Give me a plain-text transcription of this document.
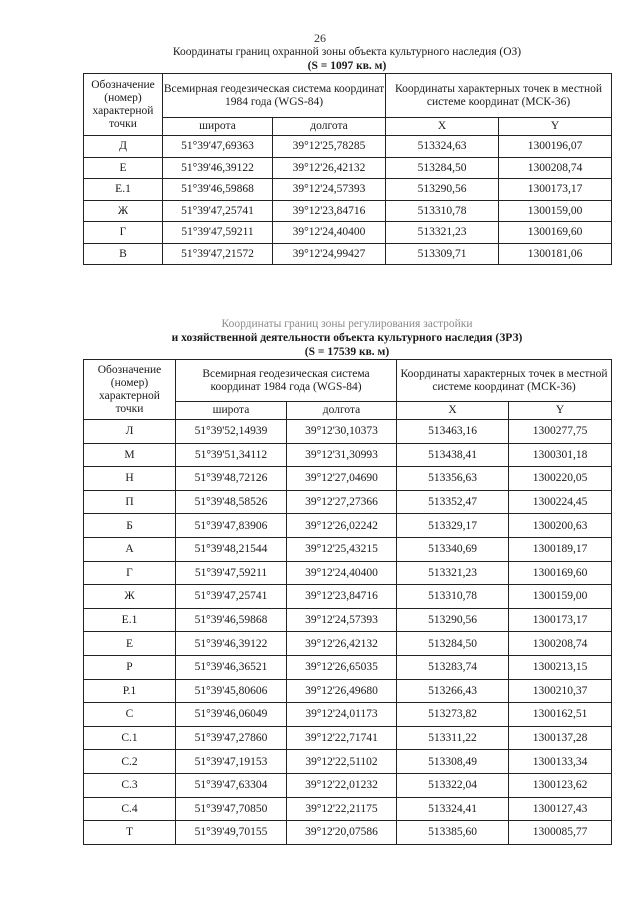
26
Координаты границ охранной зоны объекта культурного наследия (ОЗ)
(S = 1097 кв. м)
Обозначение (номер) характерной точки	Всемирная геодезическая система координат 1984 года (WGS-84)		Координаты характерных точек в местной системе координат (МСК-36)	
	широта	долгота	X	Y
Д	51°39'47,69363	39°12'25,78285	513324,63	1300196,07
Е	51°39'46,39122	39°12'26,42132	513284,50	1300208,74
Е.1	51°39'46,59868	39°12'24,57393	513290,56	1300173,17
Ж	51°39'47,25741	39°12'23,84716	513310,78	1300159,00
Г	51°39'47,59211	39°12'24,40400	513321,23	1300169,60
В	51°39'47,21572	39°12'24,99427	513309,71	1300181,06
Координаты границ зоны регулирования застройки
и хозяйственной деятельности объекта культурного наследия (ЗРЗ)
(S = 17539 кв. м)
Обозначение (номер) характерной точки	Всемирная геодезическая система координат 1984 года (WGS-84)		Координаты характерных точек в местной системе координат (МСК-36)	
	широта	долгота	X	Y
Л	51°39'52,14939	39°12'30,10373	513463,16	1300277,75
М	51°39'51,34112	39°12'31,30993	513438,41	1300301,18
Н	51°39'48,72126	39°12'27,04690	513356,63	1300220,05
П	51°39'48,58526	39°12'27,27366	513352,47	1300224,45
Б	51°39'47,83906	39°12'26,02242	513329,17	1300200,63
А	51°39'48,21544	39°12'25,43215	513340,69	1300189,17
Г	51°39'47,59211	39°12'24,40400	513321,23	1300169,60
Ж	51°39'47,25741	39°12'23,84716	513310,78	1300159,00
Е.1	51°39'46,59868	39°12'24,57393	513290,56	1300173,17
Е	51°39'46,39122	39°12'26,42132	513284,50	1300208,74
Р	51°39'46,36521	39°12'26,65035	513283,74	1300213,15
Р.1	51°39'45,80606	39°12'26,49680	513266,43	1300210,37
С	51°39'46,06049	39°12'24,01173	513273,82	1300162,51
С.1	51°39'47,27860	39°12'22,71741	513311,22	1300137,28
С.2	51°39'47,19153	39°12'22,51102	513308,49	1300133,34
С.3	51°39'47,63304	39°12'22,01232	513322,04	1300123,62
С.4	51°39'47,70850	39°12'22,21175	513324,41	1300127,43
Т	51°39'49,70155	39°12'20,07586	513385,60	1300085,77
